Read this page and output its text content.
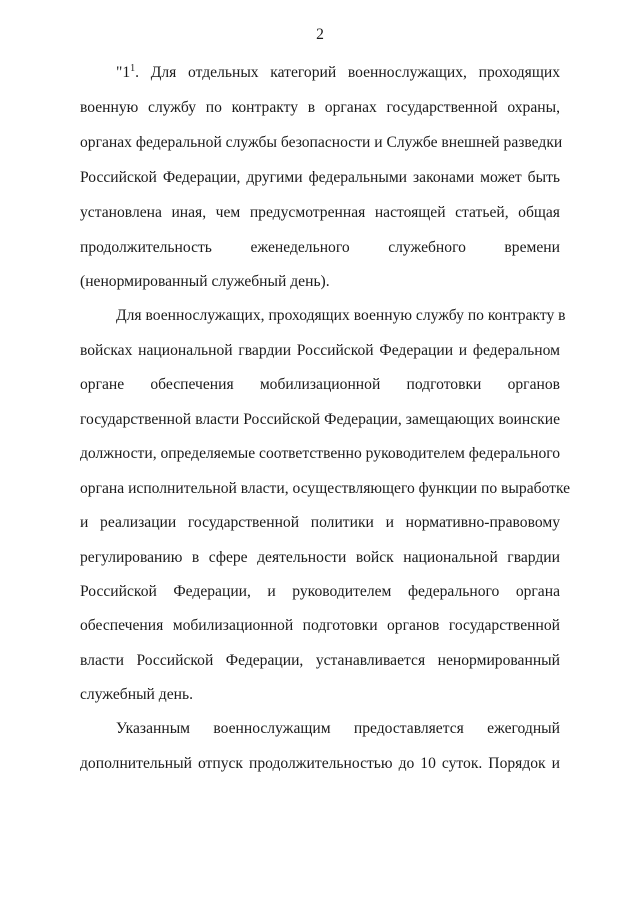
2
"$1^1$. Для отдельных категорий военнослужащих, проходящих
военную службу по контракту в органах государственной охраны,
органах федеральной службы безопасности и Службе внешней разведки
Российской Федерации, другими федеральными законами может быть
установлена иная, чем предусмотренная настоящей статьей, общая
продолжительность еженедельного служебного времени
(ненормированный служебный день).
Для военнослужащих, проходящих военную службу по контракту в
войсках национальной гвардии Российской Федерации и федеральном
органе обеспечения мобилизационной подготовки органов
государственной власти Российской Федерации, замещающих воинские
должности, определяемые соответственно руководителем федерального
органа исполнительной власти, осуществляющего функции по выработке
и реализации государственной политики и нормативно-правовому
регулированию в сфере деятельности войск национальной гвардии
Российской Федерации, и руководителем федерального органа
обеспечения мобилизационной подготовки органов государственной
власти Российской Федерации, устанавливается ненормированный
служебный день.
Указанным военнослужащим предоставляется ежегодный
дополнительный отпуск продолжительностью до 10 суток. Порядок и
